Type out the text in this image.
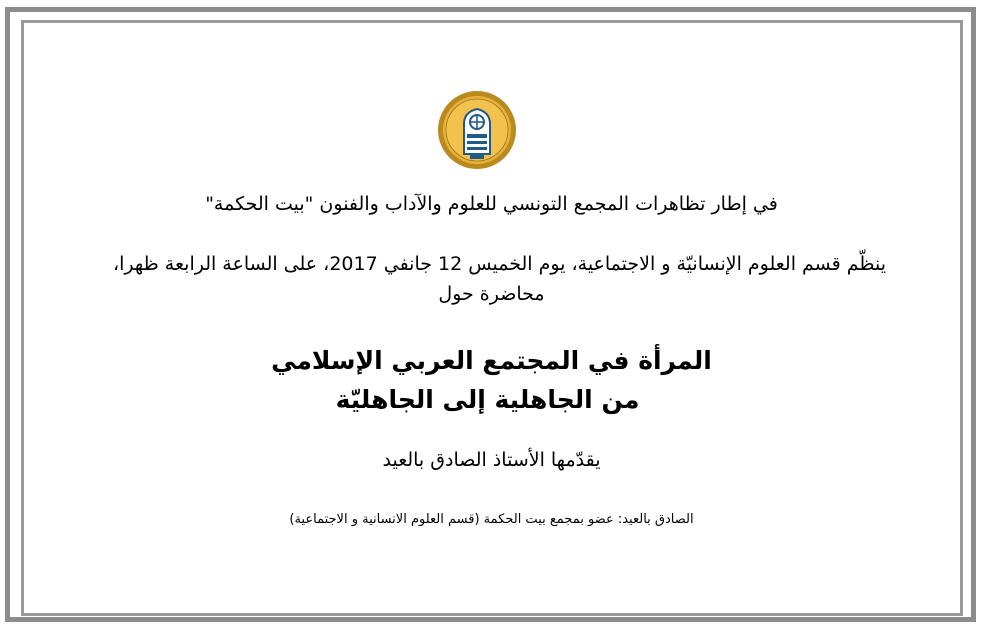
في إطار تظاهرات المجمع التونسي للعلوم والآداب والفنون "بيت الحكمة"
ينظّم قسم العلوم الإنسانيّة و الاجتماعية، يوم الخميس 12 جانفي 2017، على الساعة الرابعة ظهرا،
محاضرة حول
المرأة في المجتمع العربي الإسلامي
من الجاهلية إلى الجاهليّة
يقدّمها الأستاذ الصادق بالعيد
الصادق بالعيد: عضو بمجمع بيت الحكمة (قسم العلوم الانسانية و الاجتماعية)
